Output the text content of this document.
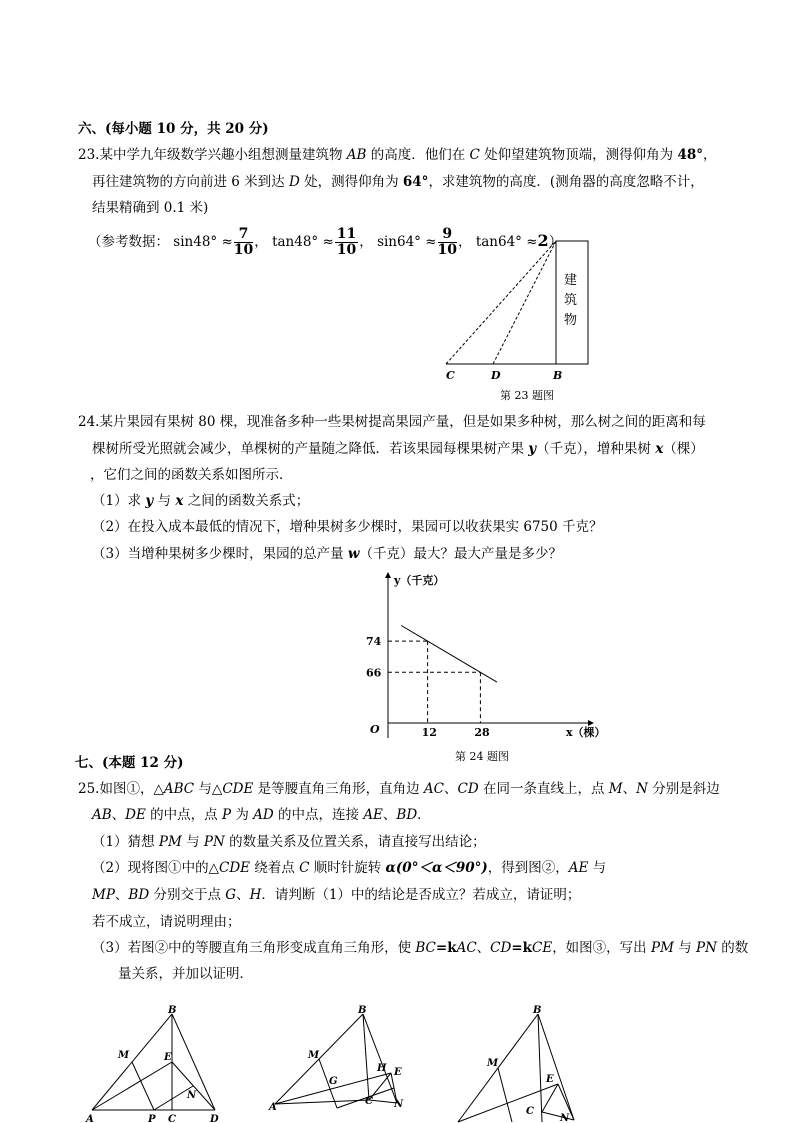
六、(每小题 10 分，共 20 分)
23.某中学九年级数学兴趣小组想测量建筑物 AB 的高度．他们在 C 处仰望建筑物顶端，测得仰角为 48°，
再往建筑物的方向前进 6 米到达 D 处，测得仰角为 64°，求建筑物的高度．(测角器的高度忽略不计，
结果精确到 0.1 米)
（参考数据： $\sin 48^\circ \approx \frac{7}{10}$ ， $\tan 48^\circ \approx \frac{11}{10}$ ， $\sin 64^\circ \approx \frac{9}{10}$ ， tan64° ≈2）
建
筑
物
C	D	B
第 23 题图
24.某片果园有果树 80 棵，现准备多种一些果树提高果园产量，但是如果多种树，那么树之间的距离和每
棵树所受光照就会减少，单棵树的产量随之降低．若该果园每棵果树产果 y（千克），增种果树 x（棵）
，它们之间的函数关系如图所示．
（1）求 y 与 x 之间的函数关系式；
（2）在投入成本最低的情况下，增种果树多少棵时，果园可以收获果实 6750 千克？
（3）当增种果树多少棵时，果园的总产量 w（千克）最大？最大产量是多少？
y（千克）
O	x（棵）
74
12
66
28
第 24 题图
七、(本题 12 分)
25.如图①，△ABC 与△CDE 是等腰直角三角形，直角边 AC、CD 在同一条直线上，点 M、N 分别是斜边
AB、DE 的中点，点 P 为 AD 的中点，连接 AE、BD．
（1）猜想 PM 与 PN 的数量关系及位置关系，请直接写出结论；
（2）现将图①中的△CDE 绕着点 C 顺时针旋转 α(0°＜α＜90°)，得到图②，AE 与
MP、BD 分别交于点 G、H．请判断（1）中的结论是否成立？若成立，请证明；
若不成立，请说明理由；
（3）若图②中的等腰直角三角形变成直角三角形，使 BC=kAC、CD=kCE，如图③，写出 PM 与 PN 的数
量关系，并加以证明．
B
M	E
N
A	P C	D
B
M
G
H E
C N
A
B
M
E
C
N
